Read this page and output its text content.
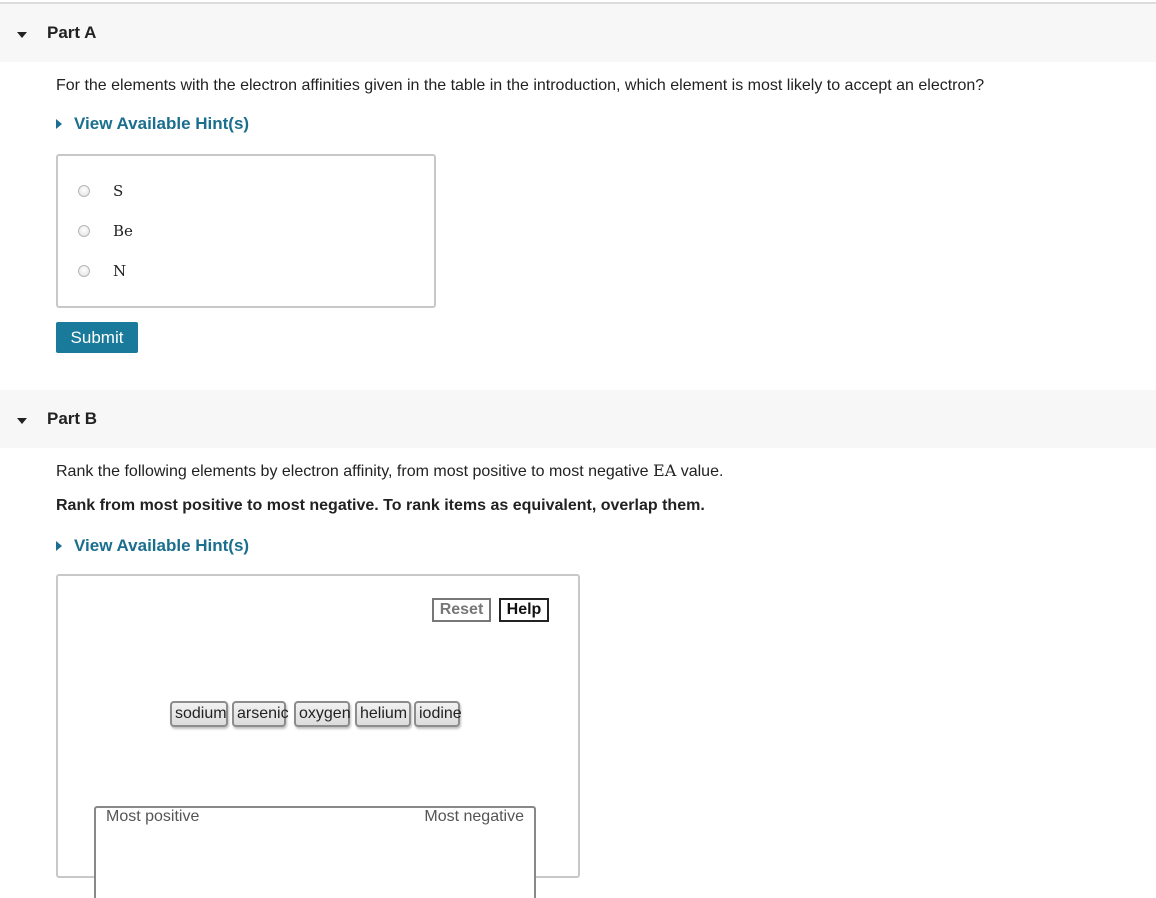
Part A
For the elements with the electron affinities given in the table in the introduction, which element is most likely to accept an electron?
View Available Hint(s)
S
Be
N
Submit
Part B
Rank the following elements by electron affinity, from most positive to most negative EA value.
Rank from most positive to most negative. To rank items as equivalent, overlap them.
View Available Hint(s)
Reset	Help
sodium arsenic oxygen helium iodine
Most positive	Most negative
